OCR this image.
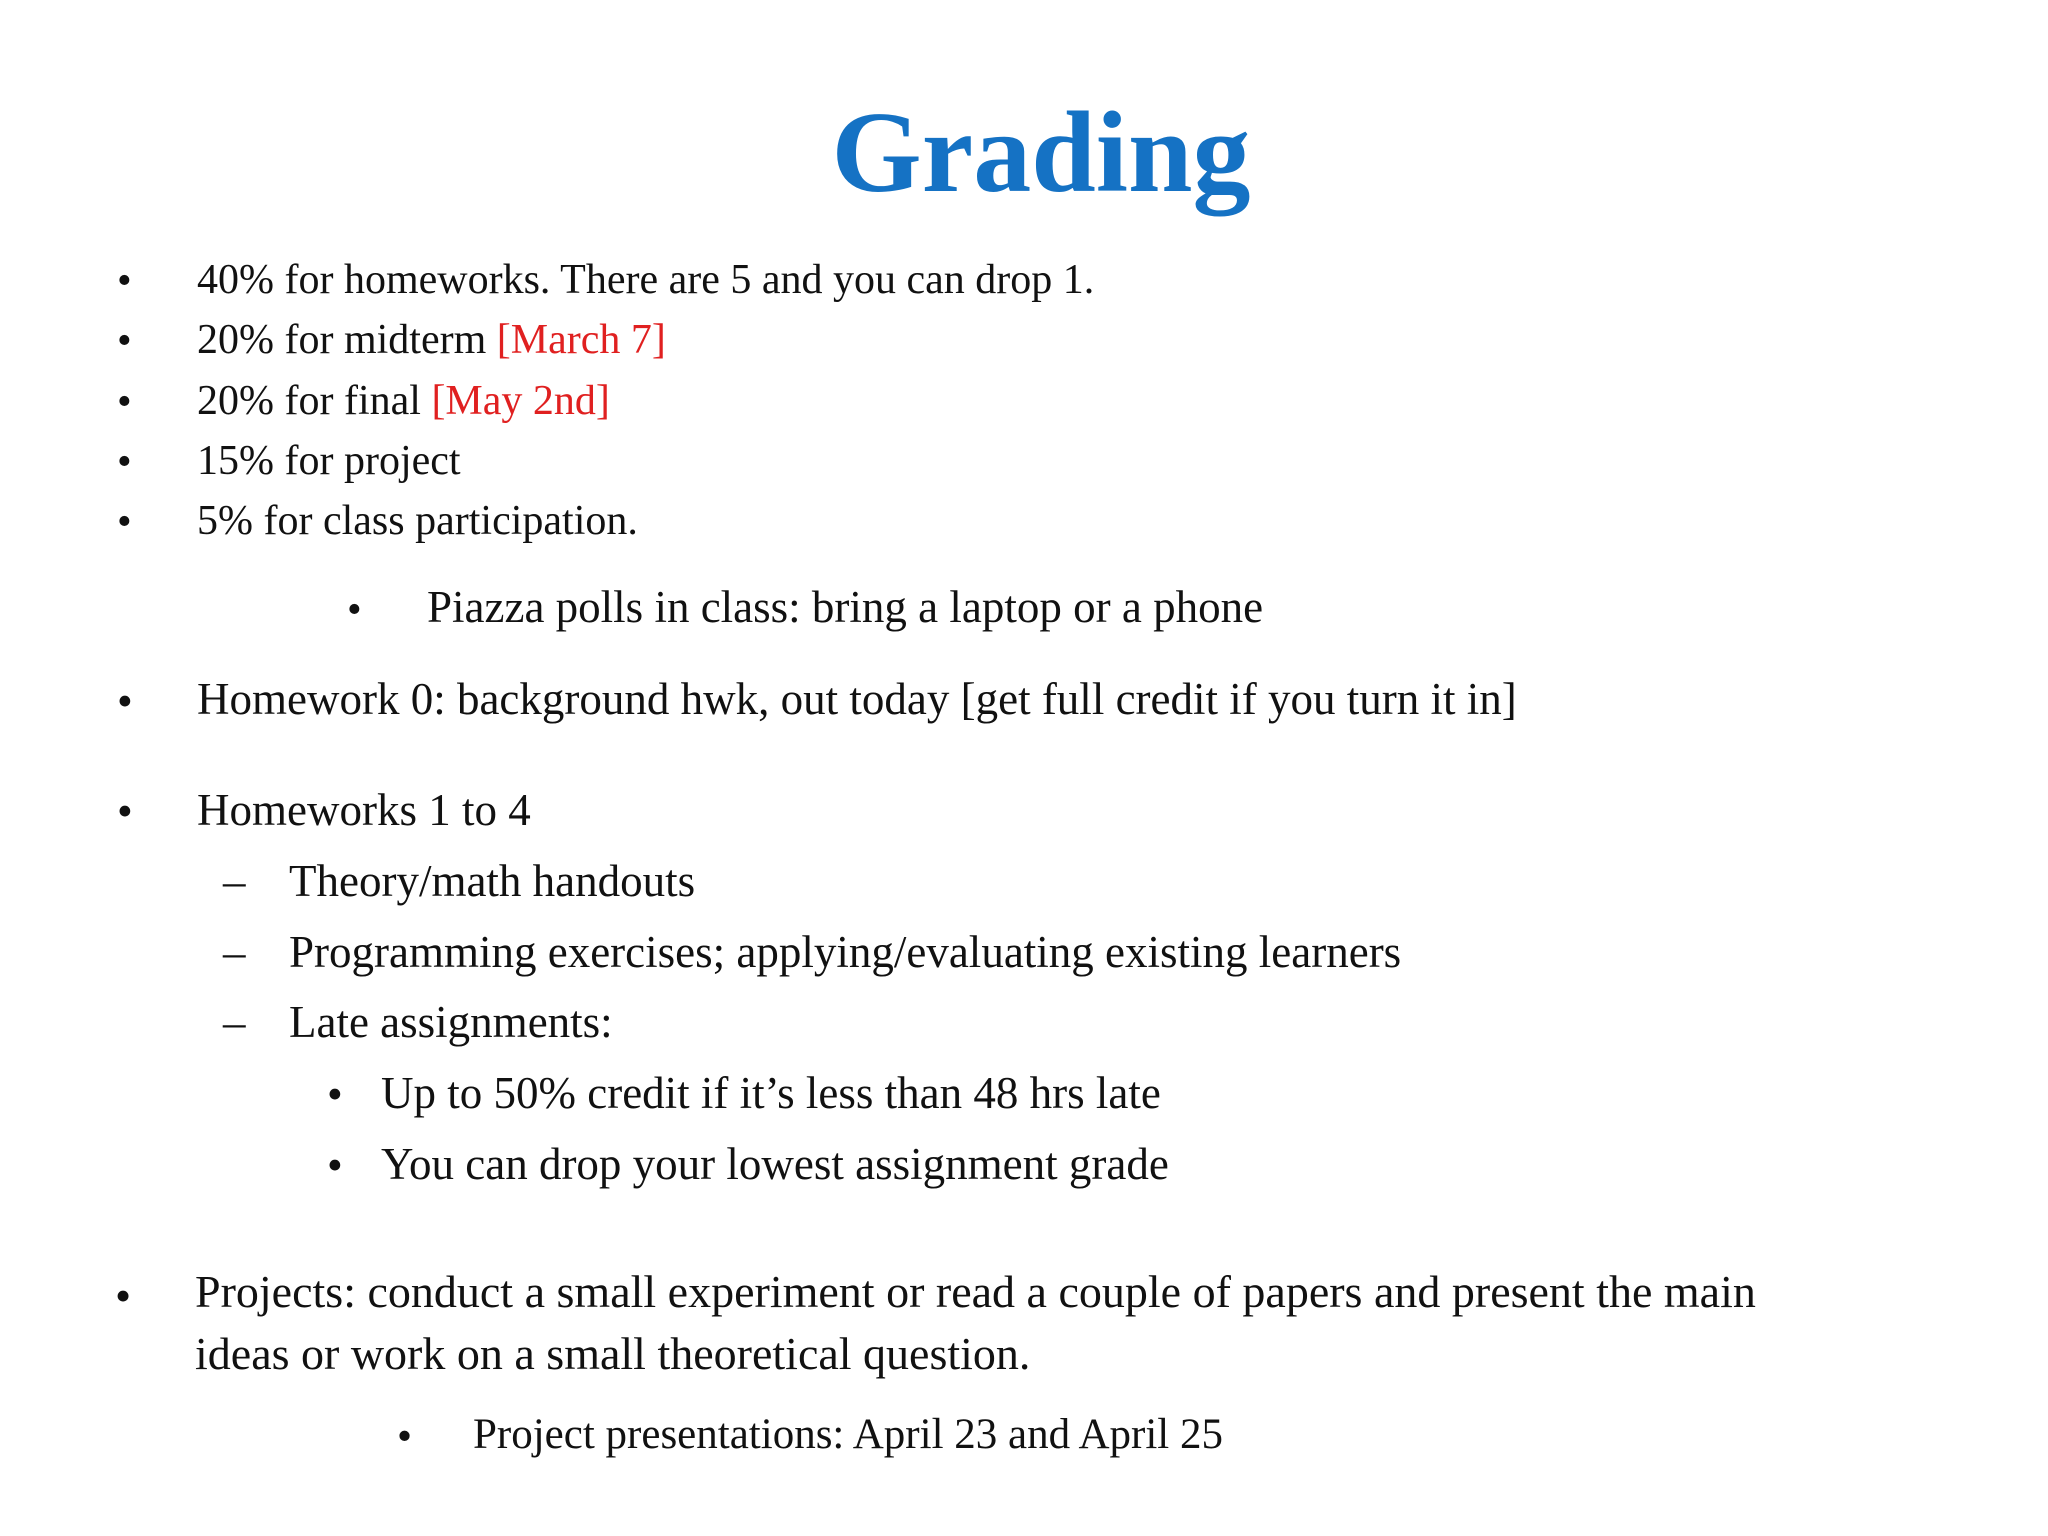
Grading
• 40% for homeworks. There are 5 and you can drop 1.
• 20% for midterm [March 7]
• 20% for final [May 2nd]
• 15% for project
• 5% for class participation.
• Piazza polls in class: bring a laptop or a phone
• Homework 0: background hwk, out today [get full credit if you turn it in]
• Homeworks 1 to 4
– Theory/math handouts
– Programming exercises; applying/evaluating existing learners
– Late assignments:
• Up to 50% credit if it’s less than 48 hrs late
• You can drop your lowest assignment grade
• Projects: conduct a small experiment or read a couple of papers and present the main
ideas or work on a small theoretical question.
• Project presentations: April 23 and April 25
